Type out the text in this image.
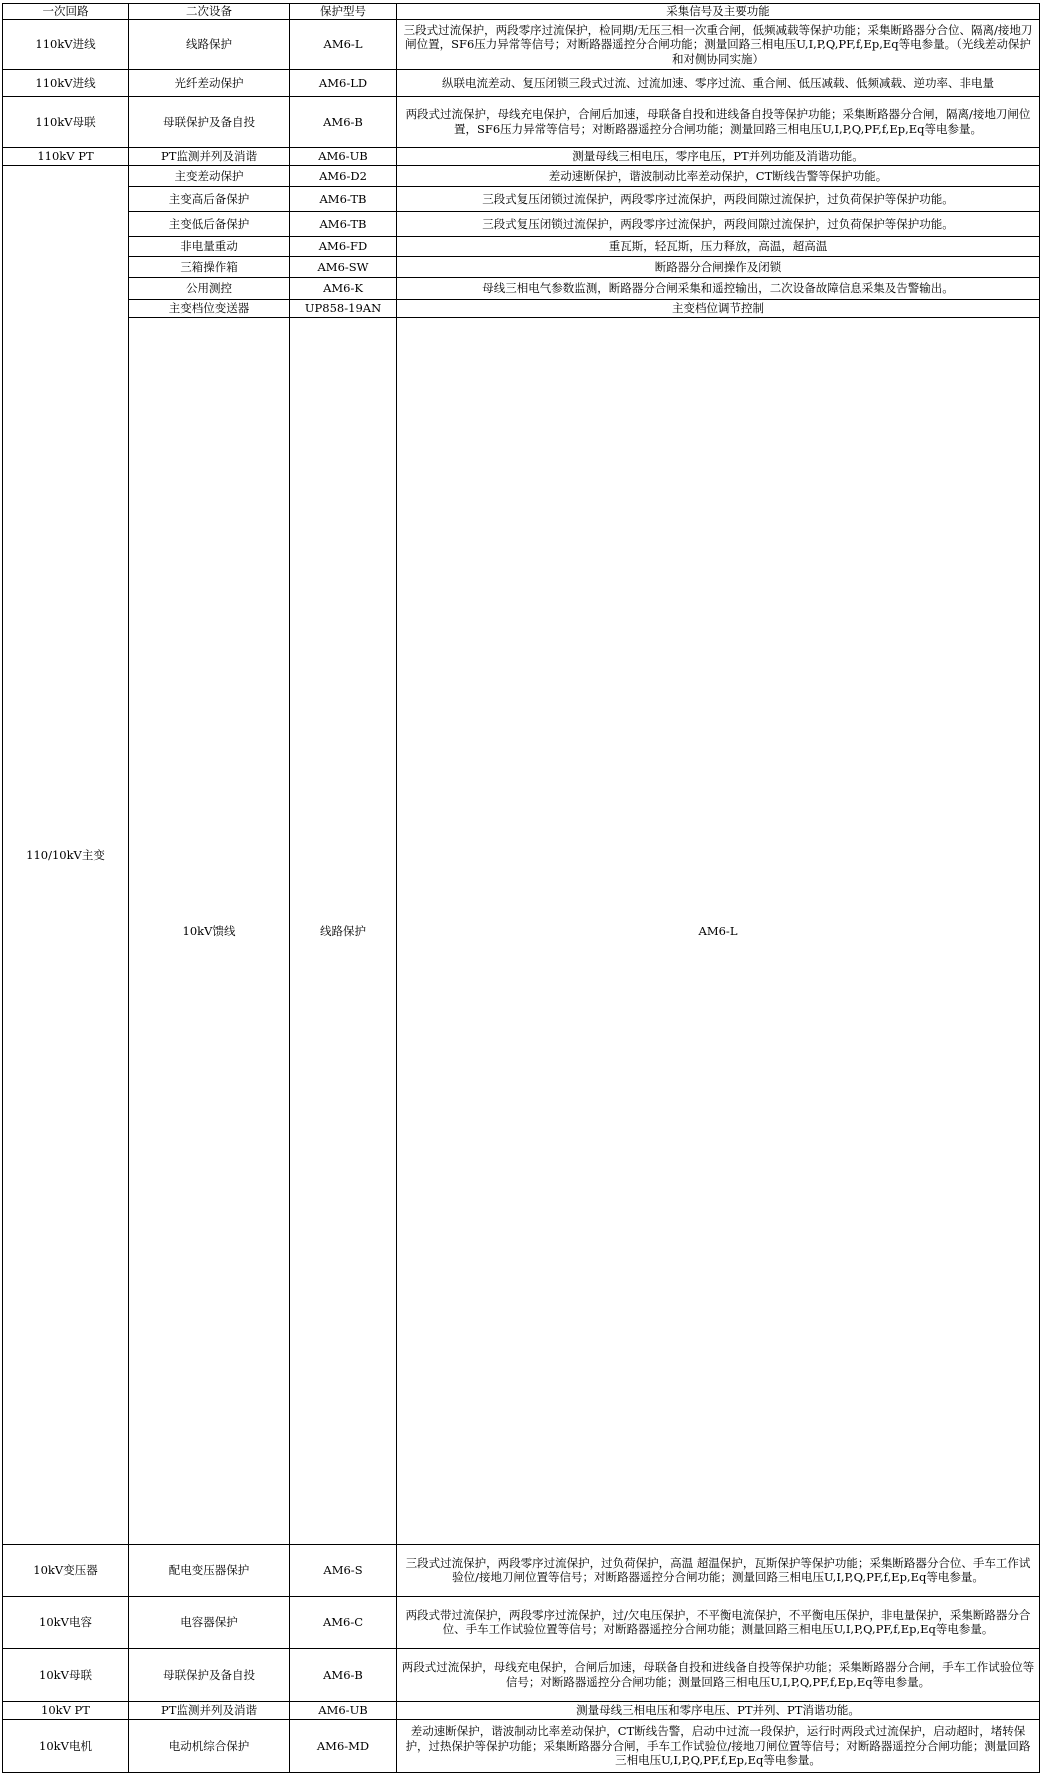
一次回路	二次设备	保护型号	采集信号及主要功能	
110kV进线	线路保护	AM6-L	三段式过流保护，两段零序过流保护，检同期/无压三相一次重合闸，低频减载等保护功能；采集断路器分合位、隔离/接地刀闸位置，SF6压力异常等信号；对断路器遥控分合闸功能；测量回路三相电压U,I,P,Q,PF,f,Ep,Eq等电参量。（光线差动保护和对侧协同实施）	
110kV进线	光纤差动保护	AM6-LD	纵联电流差动、复压闭锁三段式过流、过流加速、零序过流、重合闸、低压减载、低频减载、逆功率、非电量	
110kV母联	母联保护及备自投	AM6-B	两段式过流保护，母线充电保护，合闸后加速，母联备自投和进线备自投等保护功能；采集断路器分合闸，隔离/接地刀闸位置，SF6压力异常等信号；对断路器遥控分合闸功能；测量回路三相电压U,I,P,Q,PF,f,Ep,Eq等电参量。	
110kV PT	PT监测并列及消谐	AM6-UB	测量母线三相电压，零序电压，PT并列功能及消谐功能。	
110/10kV主变	主变差动保护	AM6-D2	差动速断保护，谐波制动比率差动保护，CT断线告警等保护功能。	
	主变高后备保护	AM6-TB	三段式复压闭锁过流保护，两段零序过流保护，两段间隙过流保护，过负荷保护等保护功能。	
	主变低后备保护	AM6-TB	三段式复压闭锁过流保护，两段零序过流保护，两段间隙过流保护，过负荷保护等保护功能。	
	非电量重动	AM6-FD	重瓦斯，轻瓦斯，压力释放，高温，超高温	
	三箱操作箱	AM6-SW	断路器分合闸操作及闭锁	
	公用测控	AM6-K	母线三相电气参数监测，断路器分合闸采集和遥控输出，二次设备故障信息采集及告警输出。	
	主变档位变送器	UP858-19AN	主变档位调节控制	
	10kV馈线	线路保护	AM6-L	
10kV变压器	配电变压器保护	AM6-S	三段式过流保护，两段零序过流保护，过负荷保护，高温 超温保护，瓦斯保护等保护功能；采集断路器分合位、手车工作试验位/接地刀闸位置等信号；对断路器遥控分合闸功能；测量回路三相电压U,I,P,Q,PF,f,Ep,Eq等电参量。	
10kV电容	电容器保护	AM6-C	两段式带过流保护，两段零序过流保护，过/欠电压保护，不平衡电流保护，不平衡电压保护，非电量保护，采集断路器分合位、手车工作试验位置等信号；对断路器遥控分合闸功能；测量回路三相电压U,I,P,Q,PF,f,Ep,Eq等电参量。	
10kV母联	母联保护及备自投	AM6-B	两段式过流保护，母线充电保护，合闸后加速，母联备自投和进线备自投等保护功能；采集断路器分合闸，手车工作试验位等信号；对断路器遥控分合闸功能；测量回路三相电压U,I,P,Q,PF,f,Ep,Eq等电参量。	
10kV PT	PT监测并列及消谐	AM6-UB	测量母线三相电压和零序电压、PT并列、PT消谐功能。	
10kV电机	电动机综合保护	AM6-MD	差动速断保护，谐波制动比率差动保护，CT断线告警，启动中过流一段保护，运行时两段式过流保护，启动超时，堵转保护，过热保护等保护功能；采集断路器分合闸，手车工作试验位/接地刀闸位置等信号；对断路器遥控分合闸功能；测量回路三相电压U,I,P,Q,PF,f,Ep,Eq等电参量。	
